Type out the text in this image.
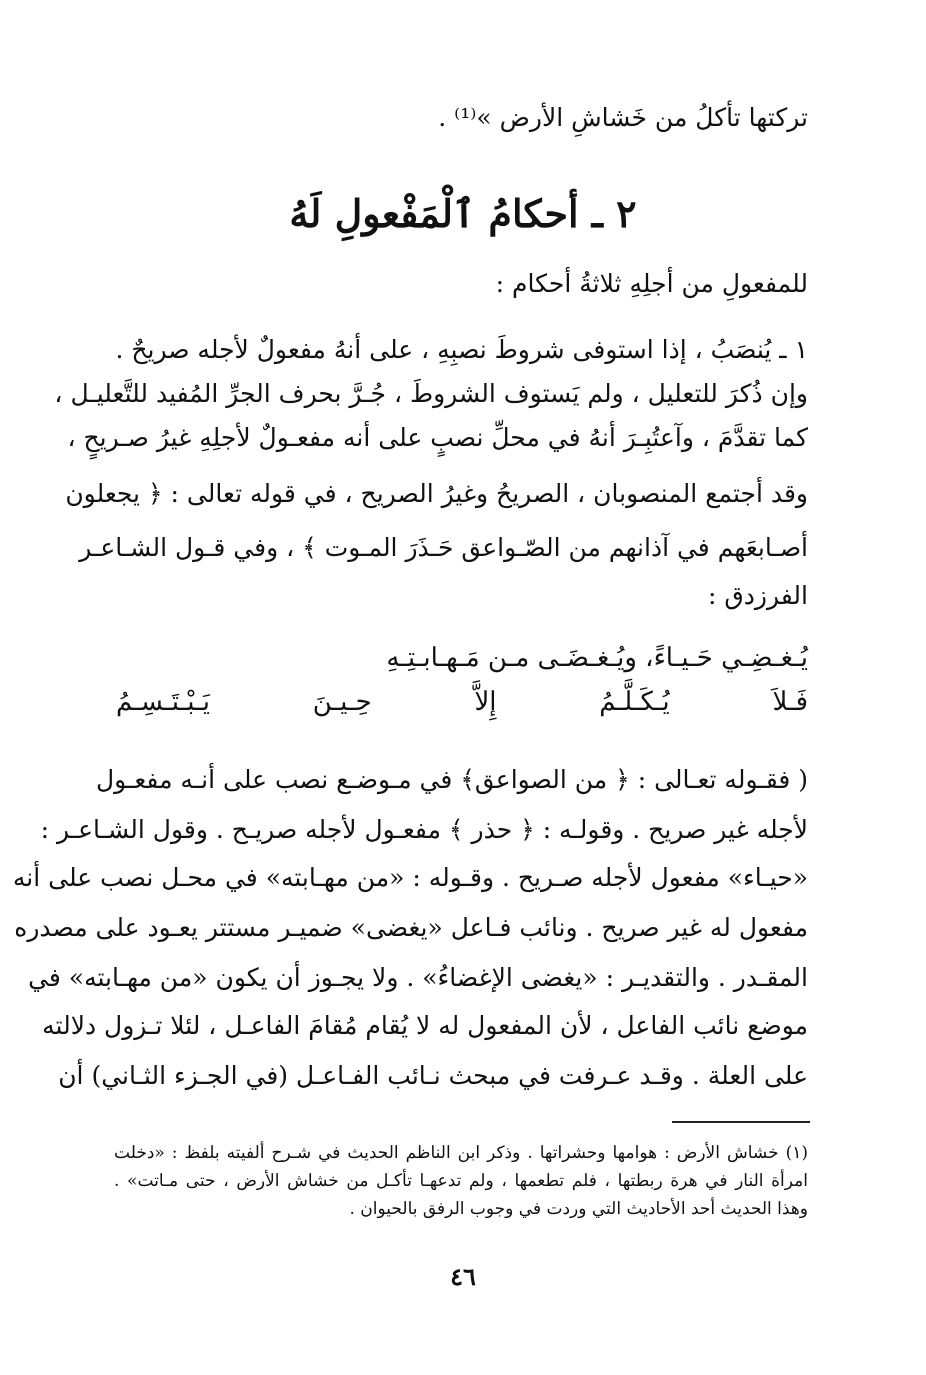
تركتها تأكلُ من خَشاشِ الأرض »⁽¹⁾ .
٢ ـ أحكامُ ٱلْمَفْعولِ لَهُ
للمفعولِ من أجلِهِ ثلاثةُ أحكام :
١ ـ يُنصَبُ ، إذا استوفى شروطَ نصبِهِ ، على أنهُ مفعولٌ لأجله صريحٌ .
وإن ذُكرَ للتعليل ، ولم يَستوف الشروطَ ، جُـرَّ بحرف الجرِّ المُفيد للتَّعليـل ،
كما تقدَّمَ ، وآعتُبِـرَ أنهُ في محلِّ نصبٍ على أنه مفعـولٌ لأجلِهِ غيرُ صـريحٍ ،
وقد أجتمع المنصوبان ، الصريحُ وغيرُ الصريح ، في قوله تعالى : ﴿ يجعلون
أصـابعَهم في آذانهم من الصّـواعق حَـذَرَ المـوت ﴾ ، وفي قـول الشـاعـر
الفرزدق :
يُـغـضِـي حَـيـاءً، ويُـغـضَـى مـن مَـهـابـتِـهِ
فَـلاَ
يُـكَـلَّـمُ
إِلاَّ
حِـيـنَ
يَـبْـتَـسِـمُ
( فقـوله تعـالى : ﴿ من الصواعق﴾ في مـوضـع نصب على أنـه مفعـول
لأجله غير صريح . وقولـه : ﴿ حذر ﴾ مفعـول لأجله صريـح . وقول الشـاعـر :
«حيـاء» مفعول لأجله صـريح . وقـوله : «من مهـابته» في محـل نصب على أنه
مفعول له غير صريح . ونائب فـاعل «يغضى» ضميـر مستتر يعـود على مصدره
المقـدر . والتقديـر : «يغضى الإغضاءُ» . ولا يجـوز أن يكون «من مهـابته» في
موضع نائب الفاعل ، لأن المفعول له لا يُقام مُقامَ الفاعـل ، لئلا تـزول دلالته
على العلة . وقـد عـرفت في مبحث نـائب الفـاعـل (في الجـزء الثـاني) أن
(١) خشاش الأرض : هوامها وحشراتها . وذكر ابن الناظم الحديث في شـرح ألفيته بلفظ : «دخلت
امرأة النار في هرة ربطتها ، فلم تطعمها ، ولم تدعهـا تأكـل من خشاش الأرض ، حتى مـاتت» .
وهذا الحديث أحد الأحاديث التي وردت في وجوب الرفق بالحيوان .
٤٦
